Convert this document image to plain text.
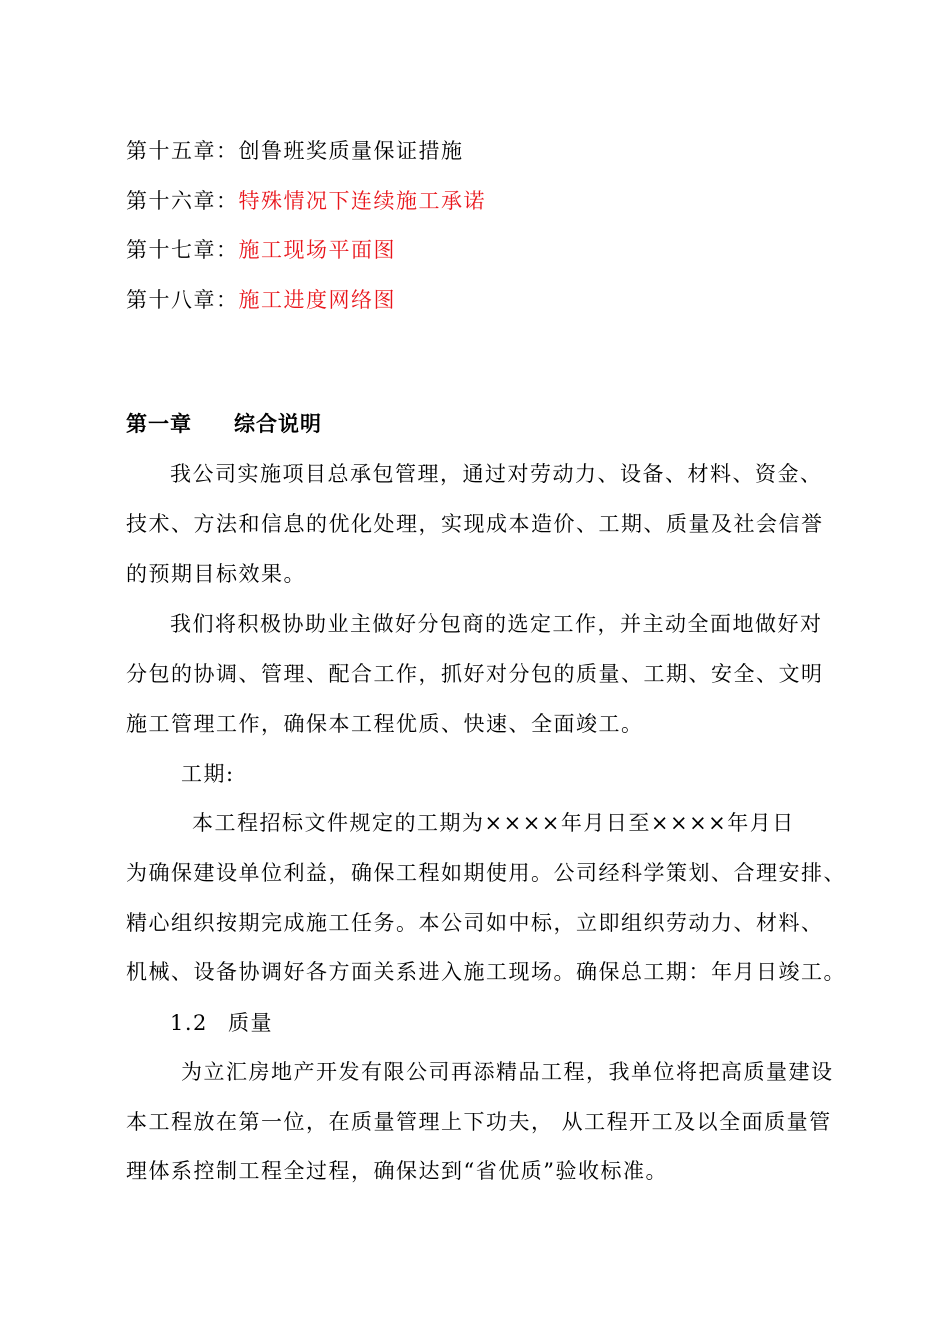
第十五章：创鲁班奖质量保证措施
第十六章：特殊情况下连续施工承诺
第十七章：施工现场平面图
第十八章：施工进度网络图
第一章 综合说明
我公司实施项目总承包管理，通过对劳动力、设备、材料、资金、
技术、方法和信息的优化处理，实现成本造价、工期、质量及社会信誉
的预期目标效果。
我们将积极协助业主做好分包商的选定工作，并主动全面地做好对
分包的协调、管理、配合工作，抓好对分包的质量、工期、安全、文明
施工管理工作，确保本工程优质、快速、全面竣工。
工期:
本工程招标文件规定的工期为××××年月日至××××年月日
为确保建设单位利益，确保工程如期使用。公司经科学策划、合理安排、
精心组织按期完成施工任务。本公司如中标，立即组织劳动力、材料、
机械、设备协调好各方面关系进入施工现场。确保总工期：年月日竣工。
1.2 质量
为立汇房地产开发有限公司再添精品工程，我单位将把高质量建设
本工程放在第一位，在质量管理上下功夫， 从工程开工及以全面质量管
理体系控制工程全过程，确保达到“省优质”验收标准。
